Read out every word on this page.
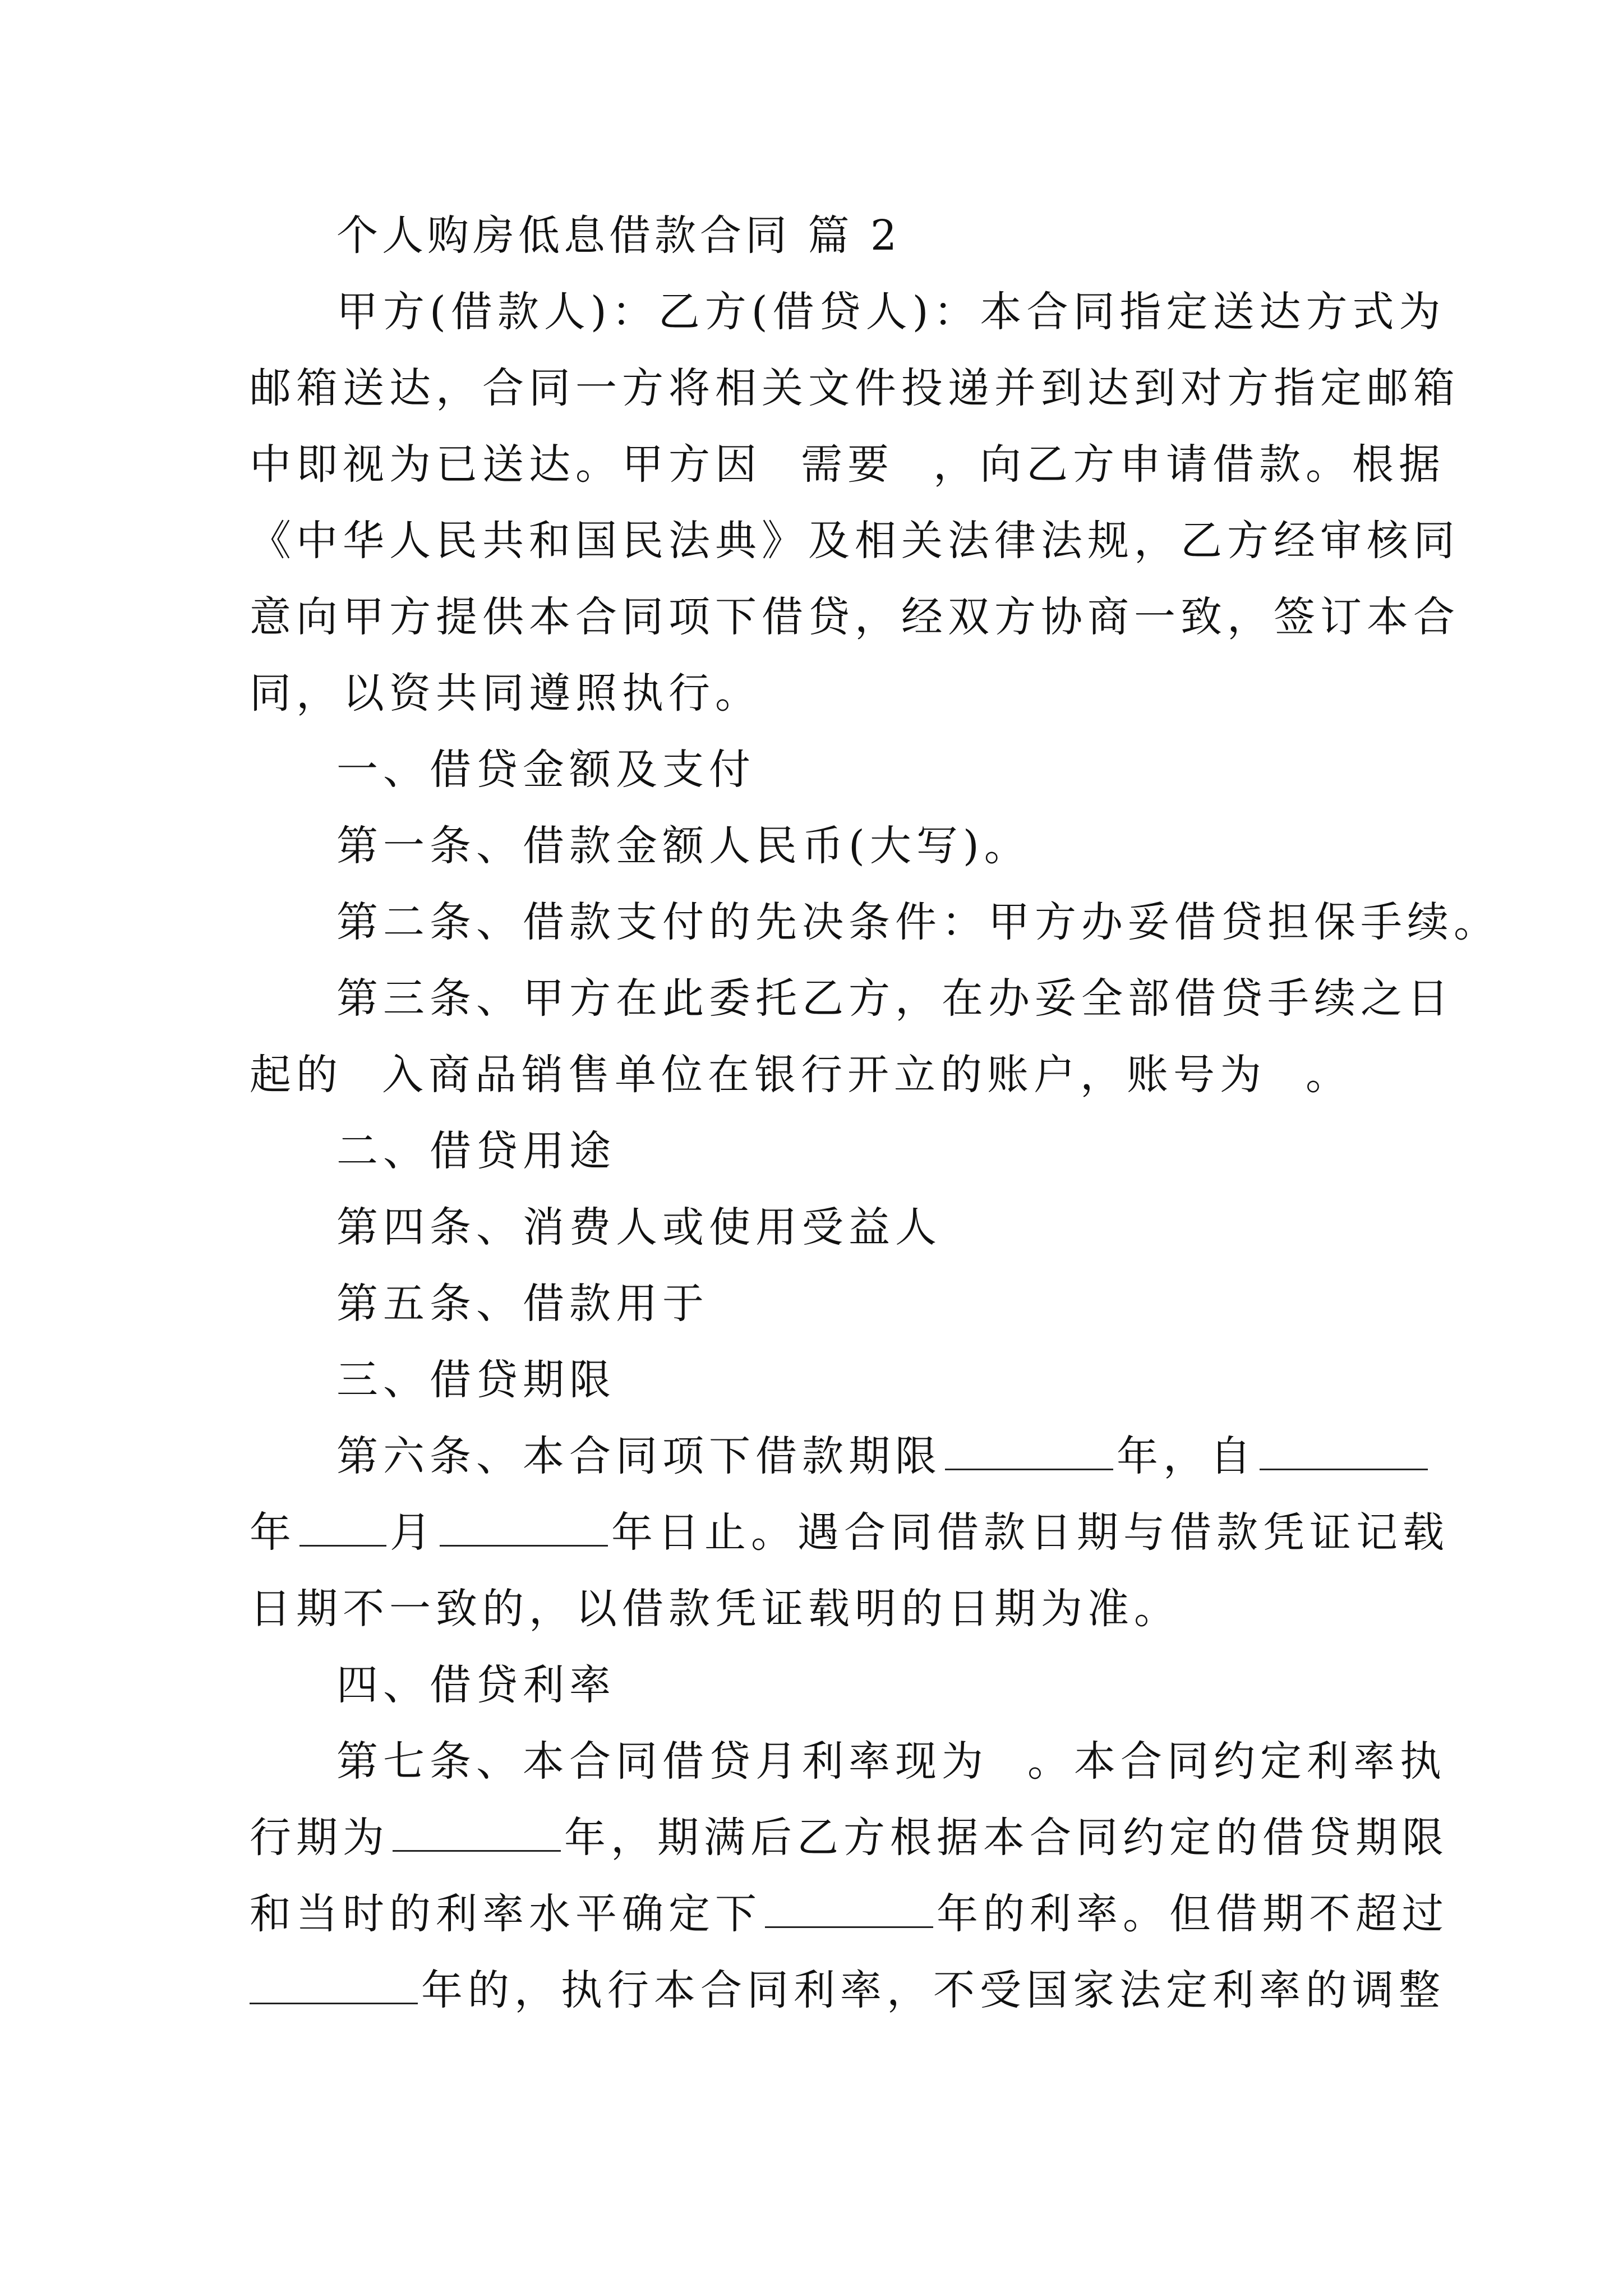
个人购房低息借款合同 篇 2
甲方(借款人)：乙方(借贷人)：本合同指定送达方式为
邮箱送达，合同一方将相关文件投递并到达到对方指定邮箱
中即视为已送达。甲方因 需要 ，向乙方申请借款。根据
《中华人民共和国民法典》及相关法律法规，乙方经审核同
意向甲方提供本合同项下借贷，经双方协商一致，签订本合
同，以资共同遵照执行。
一、借贷金额及支付
第一条、借款金额人民币(大写)。
第二条、借款支付的先决条件：甲方办妥借贷担保手续。
第三条、甲方在此委托乙方，在办妥全部借贷手续之日
起的 入商品销售单位在银行开立的账户，账号为 。
二、借贷用途
第四条、消费人或使用受益人
第五条、借款用于
三、借贷期限
第六条、本合同项下借款期限	年，自
年 月	年日止。遇合同借款日期与借款凭证记载
日期不一致的，以借款凭证载明的日期为准。
四、借贷利率
第七条、本合同借贷月利率现为 。本合同约定利率执
行期为	年，期满后乙方根据本合同约定的借贷期限
和当时的利率水平确定下	年的利率。但借期不超过
年的，执行本合同利率，不受国家法定利率的调整
